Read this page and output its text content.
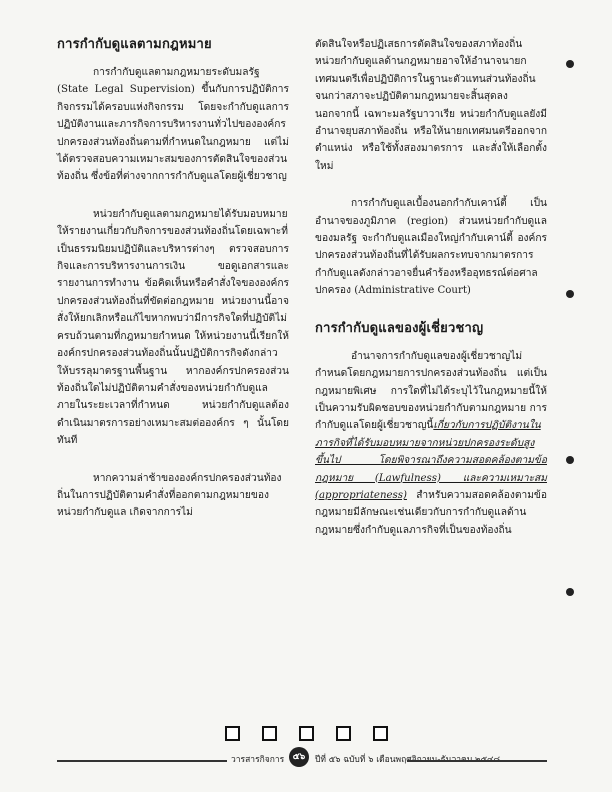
การกำกับดูแลตามกฎหมาย

การกำกับดูแลตามกฎหมายระดับมลรัฐ (State Legal Supervision) ขึ้นกับการปฏิบัติการกิจกรรมได้ครอบแห่งกิจกรรม โดยจะกำกับดูแลการปฏิบัติงานและภารกิจการบริหารงานทั่วไปขององค์กรปกครองส่วนท้องถิ่นตามที่กำหนดในกฎหมาย แต่ไม่ได้ตรวจสอบความเหมาะสมของการตัดสินใจของส่วนท้องถิ่น ซึ่งข้อที่ต่างจากการกำกับดูแลโดยผู้เชี่ยวชาญ

หน่วยกำกับดูแลตามกฎหมายได้รับมอบหมายให้รายงานเกี่ยวกับกิจการของส่วนท้องถิ่นโดยเฉพาะที่เป็นธรรมนิยมปฏิบัติและบริหารต่างๆ ตรวจสอบการกิจและการบริหารงานการเงิน ขอดูเอกสารและรายงานการทำงาน ข้อคิดเห็นหรือคำสั่งใจขององค์กรปกครองส่วนท้องถิ่นที่ขัดต่อกฎหมาย หน่วยงานนี้อาจสั่งให้ยกเลิกหรือแก้ไขหากพบว่ามีการกิจใดที่ปฏิบัติไม่ครบถ้วนตามที่กฎหมายกำหนด ให้หน่วยงานนี้เรียกให้องค์กรปกครองส่วนท้องถิ่นนั้นปฏิบัติการกิจดังกล่าวให้บรรลุมาตรฐานพื้นฐาน หากองค์กรปกครองส่วนท้องถิ่นใดไม่ปฏิบัติตามคำสั่งของหน่วยกำกับดูแลภายในระยะเวลาที่กำหนด หน่วยกำกับดูแลต้องดำเนินมาตรการอย่างเหมาะสมต่อองค์กร ๆ นั้นโดยทันที

หากความล่าช้าขององค์กรปกครองส่วนท้องถิ่นในการปฏิบัติตามคำสั่งที่ออกตามกฎหมายของหน่วยกำกับดูแล เกิดจากการไม่

ตัดสินใจหรือปฏิเสธการตัดสินใจของสภาท้องถิ่น หน่วยกำกับดูแลด้านกฎหมายอาจให้อำนาจนายกเทศมนตรีเพื่อปฏิบัติการในฐานะตัวแทนส่วนท้องถิ่น จนกว่าสภาจะปฏิบัติตามกฎหมายจะสิ้นสุดลง นอกจากนี้ เฉพาะมลรัฐบาวาเรีย หน่วยกำกับดูแลยังมีอำนาจยุบสภาท้องถิ่น หรือให้นายกเทศมนตรีออกจากตำแหน่ง หรือใช้ทั้งสองมาตรการ และสั่งให้เลือกตั้งใหม่

การกำกับดูแลเบื้องนอกกำกับเคาน์ตี้ เป็นอำนาจของภูมิภาค (region) ส่วนหน่วยกำกับดูแลของมลรัฐ จะกำกับดูแลเมืองใหญ่กำกับเคาน์ตี้ องค์กรปกครองส่วนท้องถิ่นที่ได้รับผลกระทบจากมาตรการกำกับดูแลดังกล่าวอาจยื่นคำร้องหรืออุทธรณ์ต่อศาลปกครอง (Administrative Court)

การกำกับดูแลของผู้เชี่ยวชาญ

อำนาจการกำกับดูแลของผู้เชี่ยวชาญไม่กำหนดโดยกฎหมายการปกครองส่วนท้องถิ่น แต่เป็นกฎหมายพิเศษ การใดที่ไม่ได้ระบุไว้ในกฎหมายนี้ให้เป็นความรับผิดชอบของหน่วยกำกับตามกฎหมาย การกำกับดูแลโดยผู้เชี่ยวชาญนี้เกี่ยวกับการปฏิบัติงานในภารกิจที่ได้รับมอบหมายจากหน่วยปกครองระดับสูงขึ้นไป โดยพิจารณาถึงความสอดคล้องตามข้อกฎหมาย (Lawfulness) และความเหมาะสม (appropriateness) สำหรับความสอดคล้องตามข้อกฎหมายมีลักษณะเช่นเดียวกับการกำกับดูแลด้านกฎหมายซึ่งกำกับดูแลภารกิจที่เป็นของท้องถิ่น

วารสารกิจการ ๕๖	ปีที่ ๕๖ ฉบับที่ ๖ เดือนพฤศจิกายน-ธันวาคม ๒๕๔๘
